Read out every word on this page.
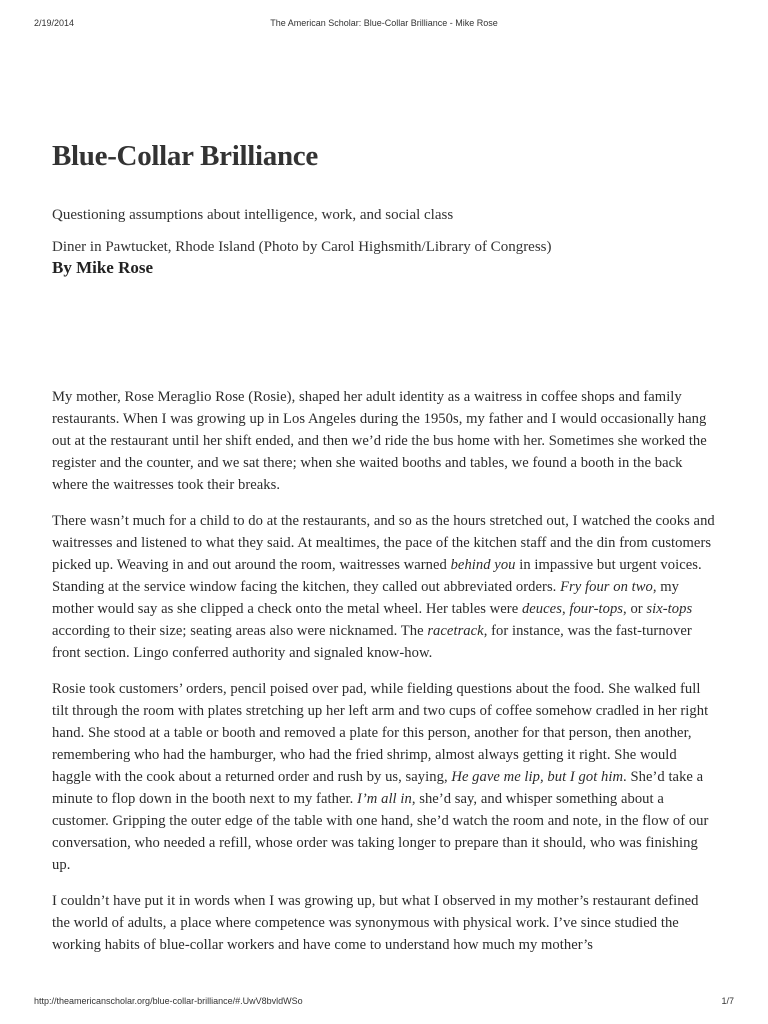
2/19/2014	The American Scholar: Blue-Collar Brilliance - Mike Rose
Blue-Collar Brilliance
Questioning assumptions about intelligence, work, and social class
Diner in Pawtucket, Rhode Island (Photo by Carol Highsmith/Library of Congress)
By Mike Rose

My mother, Rose Meraglio Rose (Rosie), shaped her adult identity as a waitress in coffee shops and family restaurants. When I was growing up in Los Angeles during the 1950s, my father and I would occasionally hang out at the restaurant until her shift ended, and then we’d ride the bus home with her. Sometimes she worked the register and the counter, and we sat there; when she waited booths and tables, we found a booth in the back where the waitresses took their breaks.

There wasn’t much for a child to do at the restaurants, and so as the hours stretched out, I watched the cooks and waitresses and listened to what they said. At mealtimes, the pace of the kitchen staff and the din from customers picked up. Weaving in and out around the room, waitresses warned behind you in impassive but urgent voices. Standing at the service window facing the kitchen, they called out abbreviated orders. Fry four on two, my mother would say as she clipped a check onto the metal wheel. Her tables were deuces, four-tops, or six-tops according to their size; seating areas also were nicknamed. The racetrack, for instance, was the fast-turnover front section. Lingo conferred authority and signaled know-how.

Rosie took customers’ orders, pencil poised over pad, while fielding questions about the food. She walked full tilt through the room with plates stretching up her left arm and two cups of coffee somehow cradled in her right hand. She stood at a table or booth and removed a plate for this person, another for that person, then another, remembering who had the hamburger, who had the fried shrimp, almost always getting it right. She would haggle with the cook about a returned order and rush by us, saying, He gave me lip, but I got him. She’d take a minute to flop down in the booth next to my father. I’m all in, she’d say, and whisper something about a customer. Gripping the outer edge of the table with one hand, she’d watch the room and note, in the flow of our conversation, who needed a refill, whose order was taking longer to prepare than it should, who was finishing up.

I couldn’t have put it in words when I was growing up, but what I observed in my mother’s restaurant defined the world of adults, a place where competence was synonymous with physical work. I’ve since studied the working habits of blue-collar workers and have come to understand how much my mother’s

http://theamericanscholar.org/blue-collar-brilliance/#.UwV8bvldWSo	1/7
